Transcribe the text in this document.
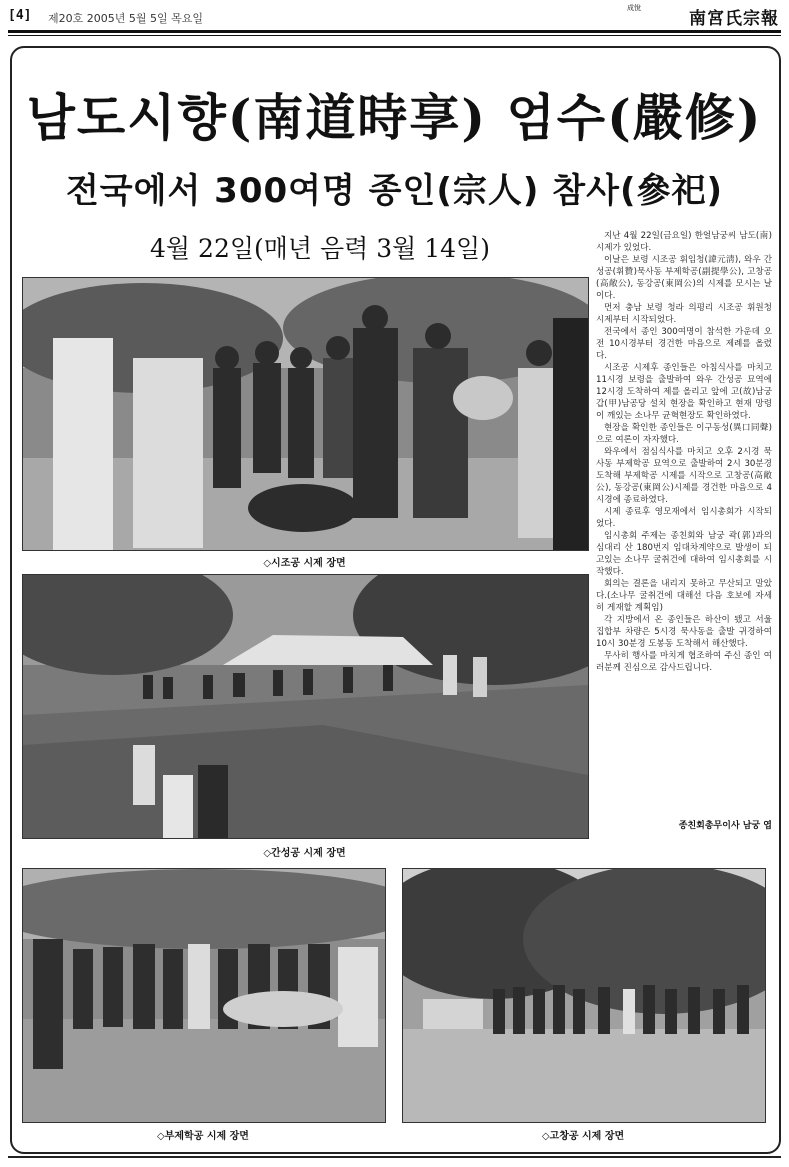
[4] 제20호 2005년 5월 5일 목요일
成悅
南宮氏宗報
남도시향(南道時享) 엄수(嚴修)
전국에서 300여명 종인(宗人) 참사(參祀)
4월 22일(매년 음력 3월 14일)
◇시조공 시제 장면
◇간성공 시제 장면
◇부제학공 시제 장면	◇고창공 시제 장면

지난 4월 22일(금요일) 한얼남궁씨 남도(南)시제가 있었다.

이날은 보령 시조공 휘임청(諱元淸), 와우 간성공(휘贊)묵사동 부제학공(副提學公), 고창공(高敞公), 동강공(東岡公)의 시제를 모시는 날이다.

먼저 충남 보령 청라 의평리 시조공 휘원청 시제부터 시작되었다.

전국에서 종인 300여명이 참석한 가운데 오전 10시경부터 경건한 마음으로 제례를 올렸다.

시조공 시제후 종인들은 아침식사를 마치고 11시경 보령을 출발하여 와우 간성공 묘역에 12시경 도착하여 제를 올리고 앞에 고(故)남궁 갑(甲)남공당 설치 현장을 확인하고 현재 망령이 깨있는 소나무 균혁현장도 확인하였다.

현장을 확인한 종인들은 이구동성(異口同聲)으로 여론이 자자했다.

와우에서 점심식사를 마치고 오후 2시경 묵사동 부제학공 묘역으로 출발하여 2시 30분경 도착해 부제학공 시제를 시작으로 고창공(高敞公), 동강공(東岡公)시제를 경건한 마음으로 4시경에 종료하였다.

시제 종료후 영모재에서 임시총회가 시작되었다.

임시총회 주제는 종친회와 남궁 곽(郭)과의 심대리 산 180번지 임대차계약으로 발생이 되고있는 소나무 굴취건에 대하여 임시총회를 시작했다.

회의는 결론을 내리지 못하고 무산되고 말았다.(소나무 굴취건에 대해선 다음 호보에 자세히 게재할 계획임)

각 지방에서 온 종인들은 하산이 됐고 서울 집합부 차량은 5시경 묵사동을 출발 귀경하여 10시 30분경 도봉동 도착해서 해산했다.

무사히 행사를 마치게 협조하여 주신 종인 여러분께 진심으로 감사드립니다.

종친회총무이사 남궁 엽
